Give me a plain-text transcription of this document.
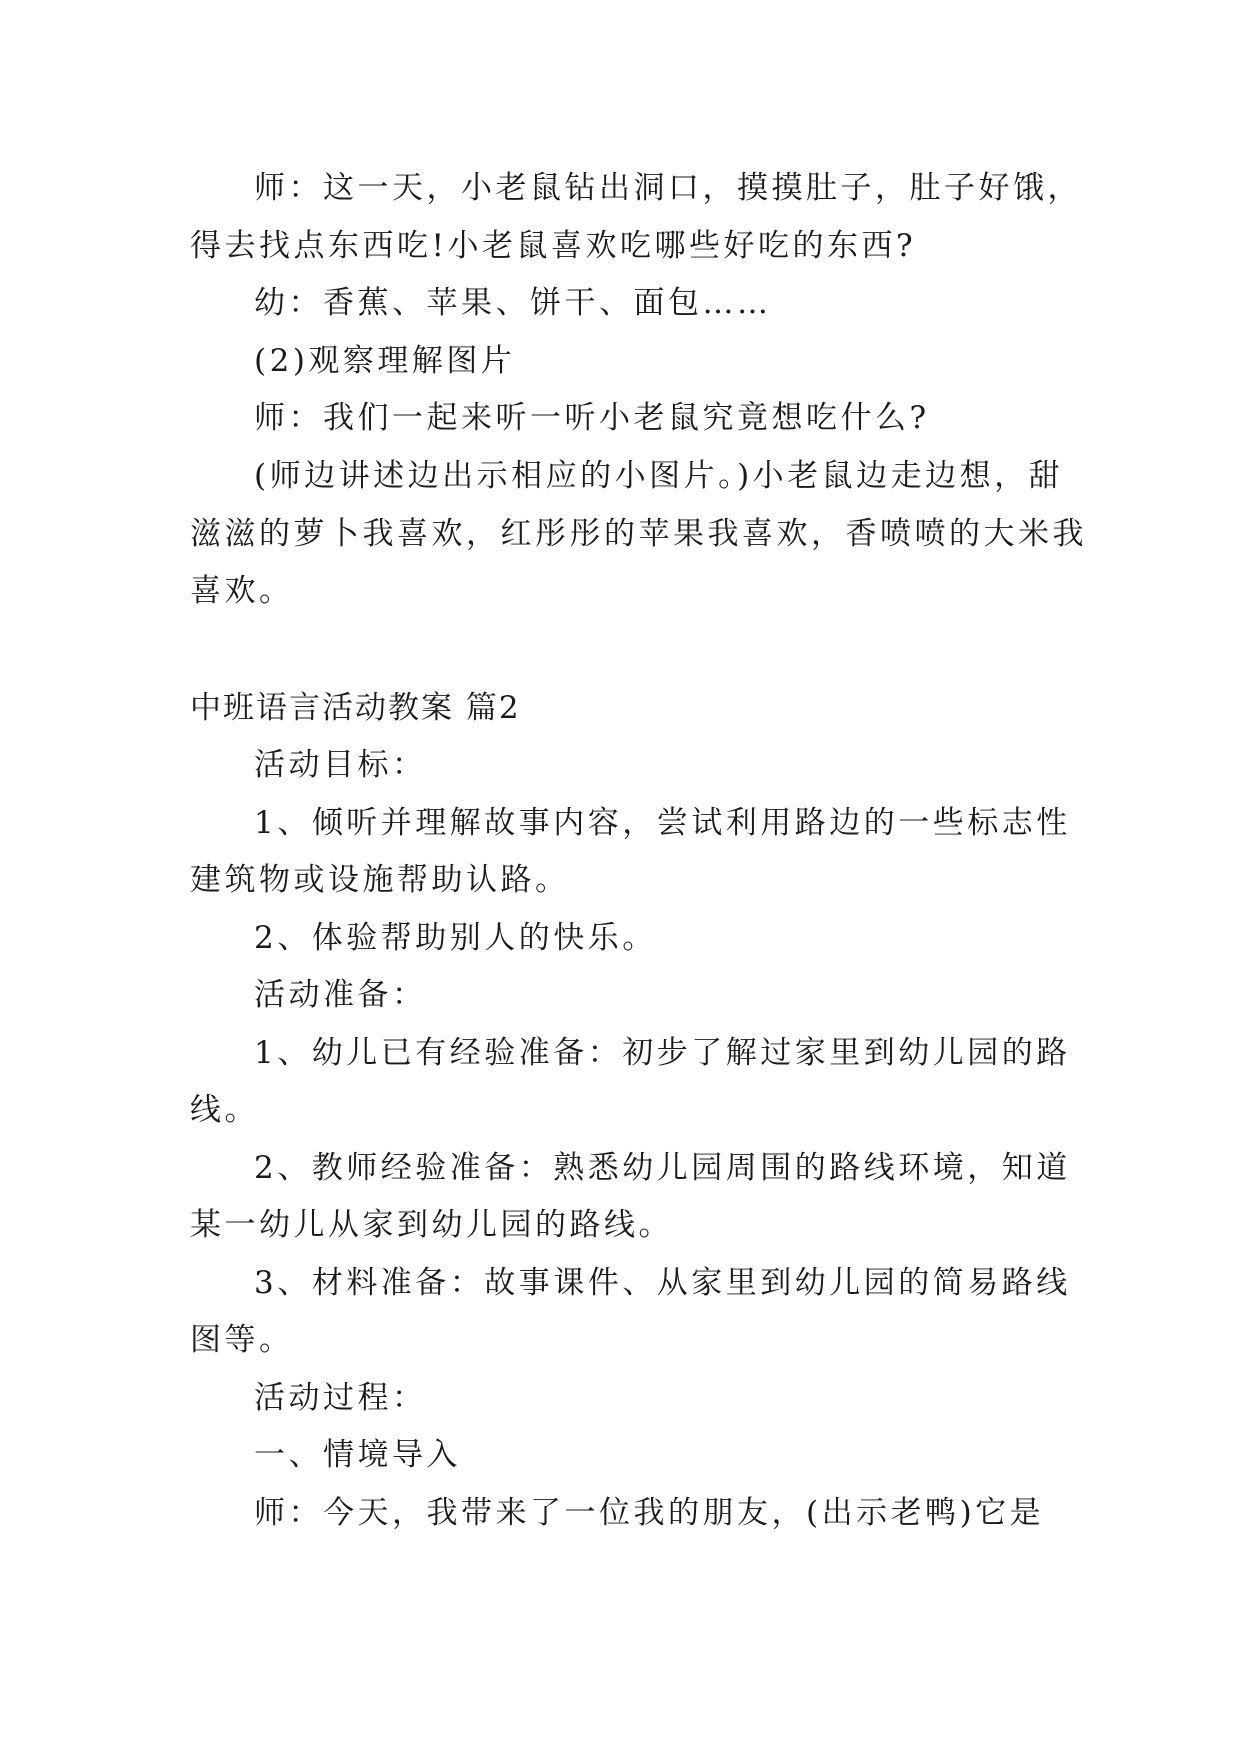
师：这一天，小老鼠钻出洞口，摸摸肚子，肚子好饿，
得去找点东西吃!小老鼠喜欢吃哪些好吃的东西?
幼：香蕉、苹果、饼干、面包……
(2)观察理解图片
师：我们一起来听一听小老鼠究竟想吃什么?
(师边讲述边出示相应的小图片。)小老鼠边走边想，甜
滋滋的萝卜我喜欢，红彤彤的苹果我喜欢，香喷喷的大米我
喜欢。
中班语言活动教案 篇2
活动目标：
1、倾听并理解故事内容，尝试利用路边的一些标志性
建筑物或设施帮助认路。
2、体验帮助别人的快乐。
活动准备：
1、幼儿已有经验准备：初步了解过家里到幼儿园的路
线。
2、教师经验准备：熟悉幼儿园周围的路线环境，知道
某一幼儿从家到幼儿园的路线。
3、材料准备：故事课件、从家里到幼儿园的简易路线
图等。
活动过程：
一、情境导入
师：今天，我带来了一位我的朋友，(出示老鸭)它是
